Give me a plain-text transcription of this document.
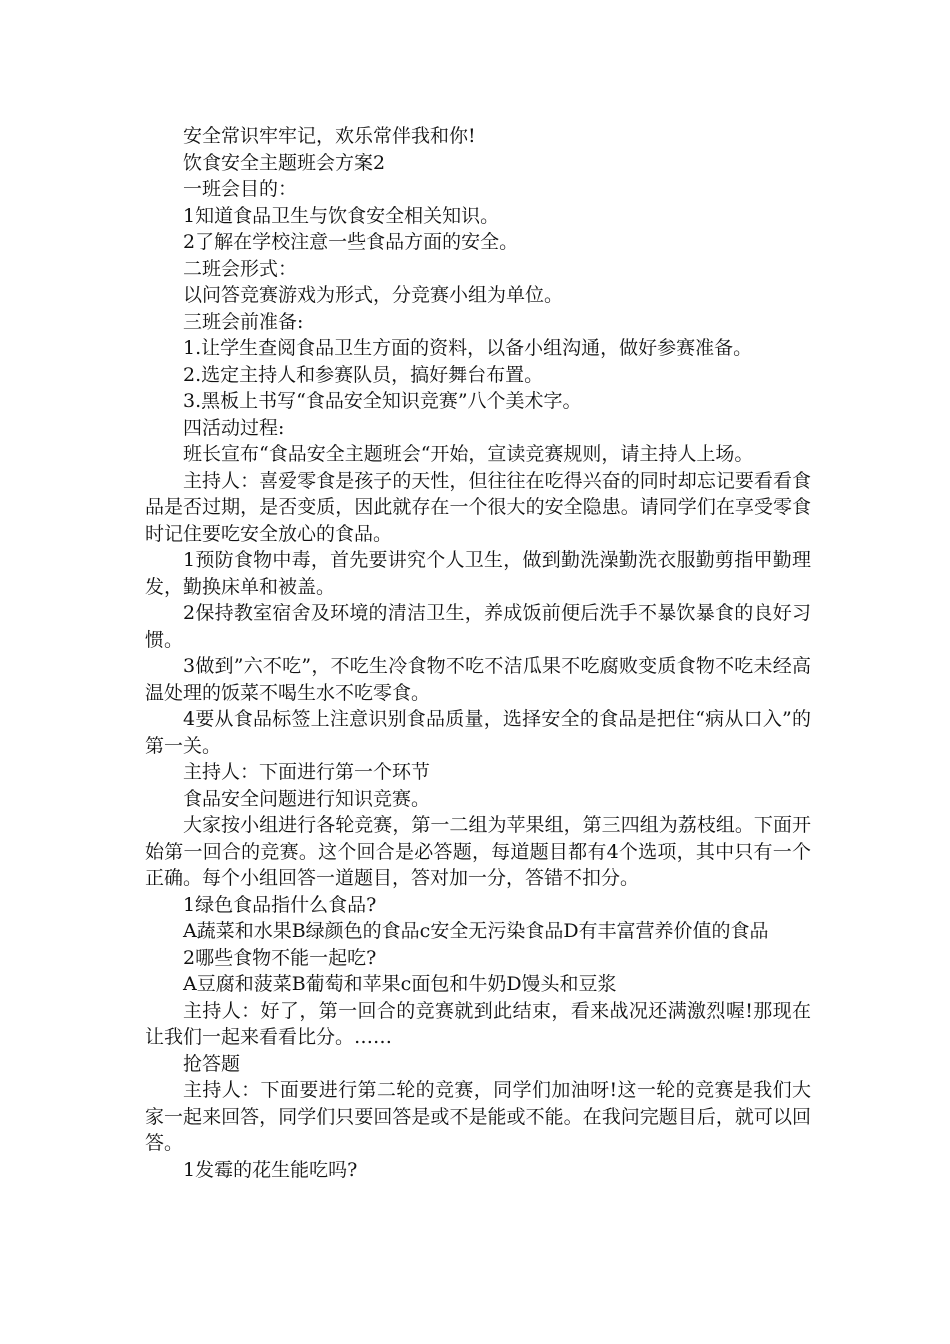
安全常识牢牢记，欢乐常伴我和你!

饮食安全主题班会方案2

一班会目的：

1知道食品卫生与饮食安全相关知识。

2了解在学校注意一些食品方面的安全。

二班会形式：

以问答竞赛游戏为形式，分竞赛小组为单位。

三班会前准备:

1.让学生查阅食品卫生方面的资料，以备小组沟通，做好参赛准备。

2.选定主持人和参赛队员，搞好舞台布置。

3.黑板上书写“食品安全知识竞赛”八个美术字。

四活动过程:

班长宣布“食品安全主题班会“开始，宣读竞赛规则，请主持人上场。

主持人：喜爱零食是孩子的天性，但往往在吃得兴奋的同时却忘记要看看食品是否过期，是否变质，因此就存在一个很大的安全隐患。请同学们在享受零食时记住要吃安全放心的食品。

1预防食物中毒，首先要讲究个人卫生，做到勤洗澡勤洗衣服勤剪指甲勤理发，勤换床单和被盖。

2保持教室宿舍及环境的清洁卫生，养成饭前便后洗手不暴饮暴食的良好习惯。

3做到”六不吃”，不吃生冷食物不吃不洁瓜果不吃腐败变质食物不吃未经高温处理的饭菜不喝生水不吃零食。

4要从食品标签上注意识别食品质量，选择安全的食品是把住“病从口入”的第一关。

主持人：下面进行第一个环节

食品安全问题进行知识竞赛。

大家按小组进行各轮竞赛，第一二组为苹果组，第三四组为荔枝组。下面开始第一回合的竞赛。这个回合是必答题，每道题目都有4个选项，其中只有一个正确。每个小组回答一道题目，答对加一分，答错不扣分。

1绿色食品指什么食品?

A蔬菜和水果B绿颜色的食品c安全无污染食品D有丰富营养价值的食品

2哪些食物不能一起吃?

A豆腐和菠菜B葡萄和苹果c面包和牛奶D馒头和豆浆

主持人：好了，第一回合的竞赛就到此结束，看来战况还满激烈喔!那现在让我们一起来看看比分。……

抢答题

主持人：下面要进行第二轮的竞赛，同学们加油呀!这一轮的竞赛是我们大家一起来回答，同学们只要回答是或不是能或不能。在我问完题目后，就可以回答。

1发霉的花生能吃吗?
